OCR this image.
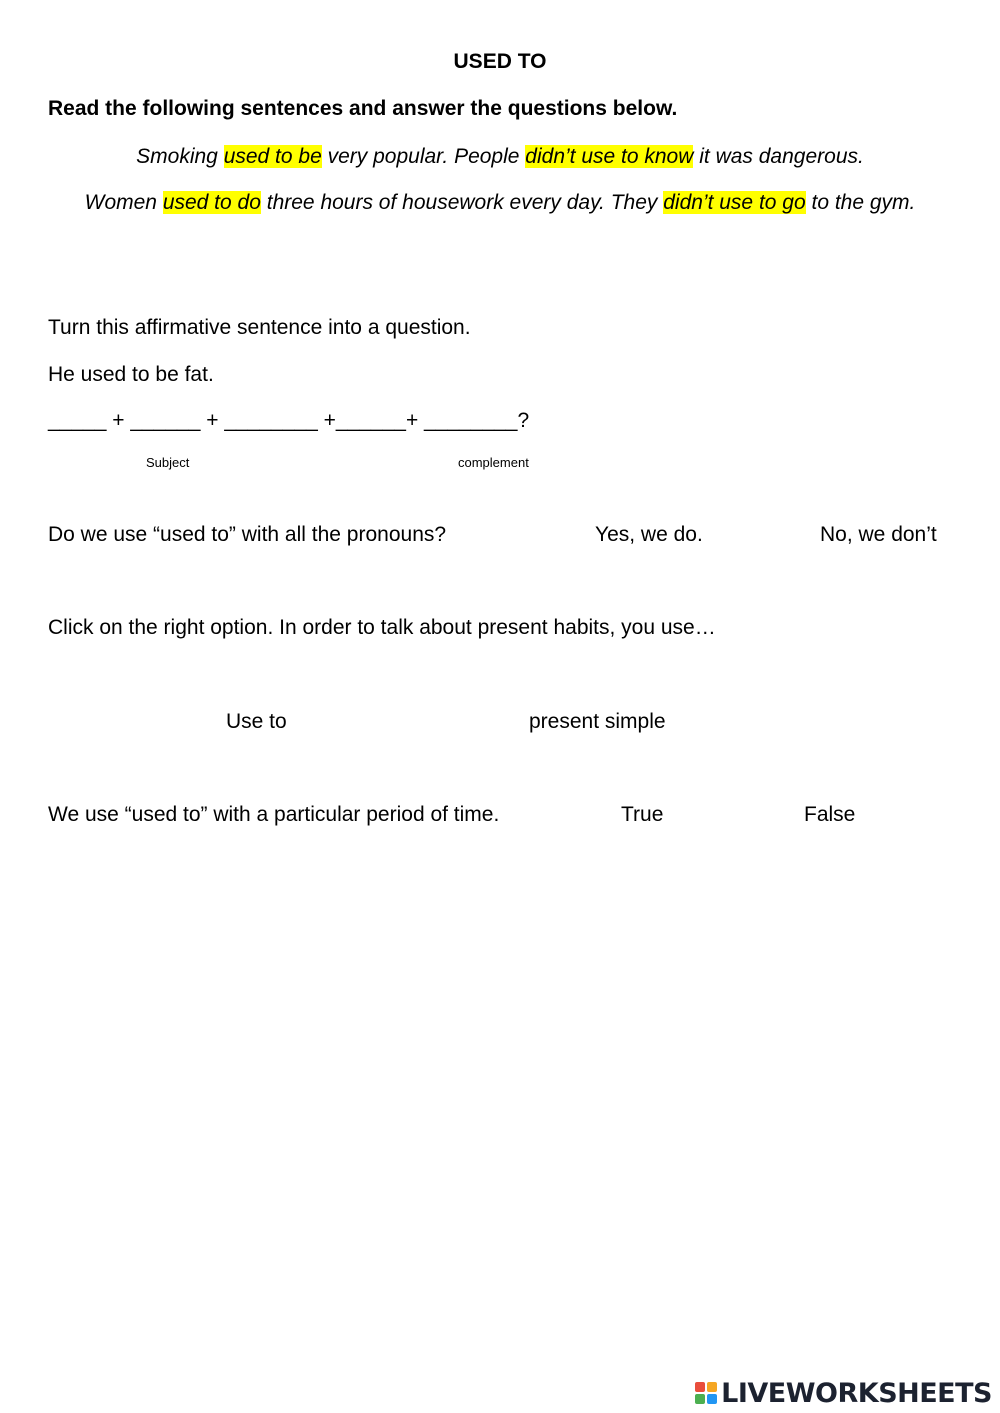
USED TO
Read the following sentences and answer the questions below.
Smoking used to be very popular. People didn’t use to know it was dangerous.
Women used to do three hours of housework every day. They didn’t use to go to the gym.
Turn this affirmative sentence into a question.
He used to be fat.
_____ + ______ + ________ +______+ ________?
Subject	complement
Do we use “used to” with all the pronouns?	Yes, we do.	No, we don’t
Click on the right option. In order to talk about present habits, you use…
Use to	present simple
We use “used to” with a particular period of time.	True	False
LIVEWORKSHEETS
